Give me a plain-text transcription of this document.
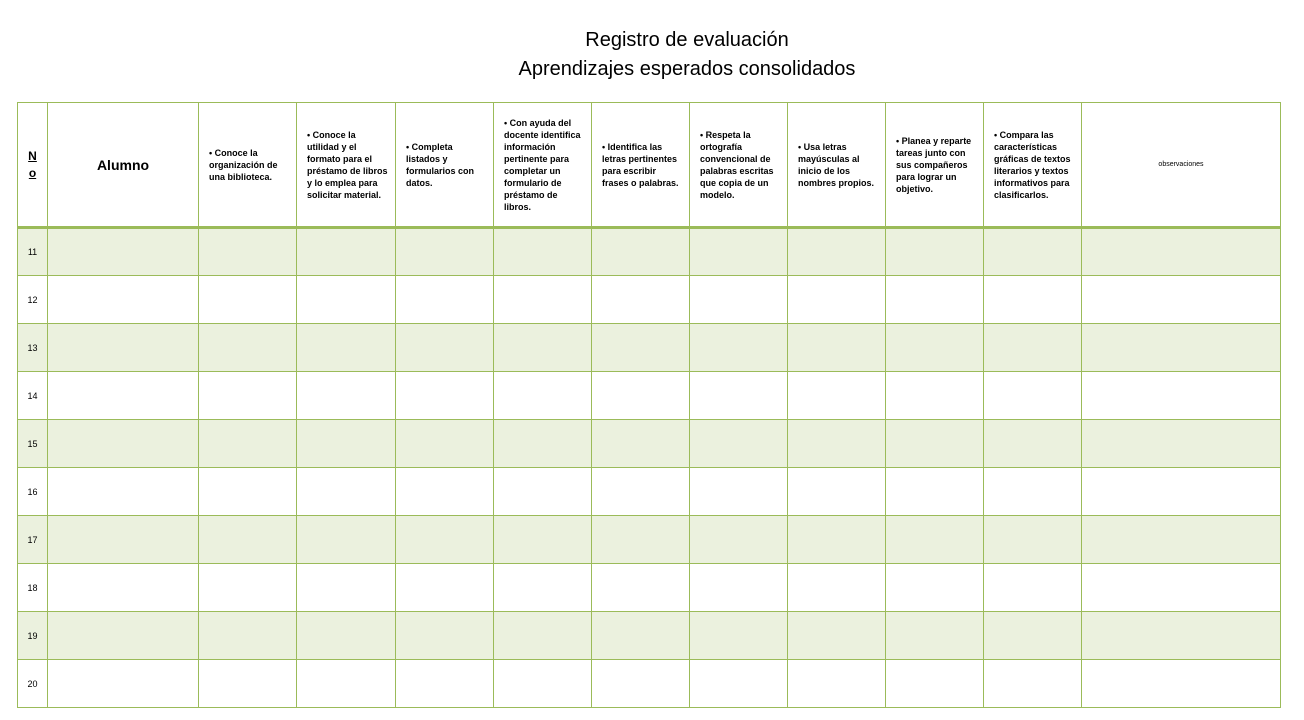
Registro de evaluación
Aprendizajes esperados consolidados
N
o	Alumno	• Conoce la organización de una biblioteca.	• Conoce la utilidad y el formato para el préstamo de libros y lo emplea para solicitar material.	• Completa listados y formularios con datos.	• Con ayuda del docente identifica información pertinente para completar un formulario de préstamo de libros.	• Identifica las letras pertinentes para escribir frases o palabras.	• Respeta la ortografía convencional de palabras escritas que copia de un modelo.	• Usa letras mayúsculas al inicio de los nombres propios.	• Planea y reparte tareas junto con sus compañeros para lograr un objetivo.	• Compara las características gráficas de textos literarios y textos informativos para clasificarlos.	observaciones
11											
12											
13											
14											
15											
16											
17											
18											
19											
20											
